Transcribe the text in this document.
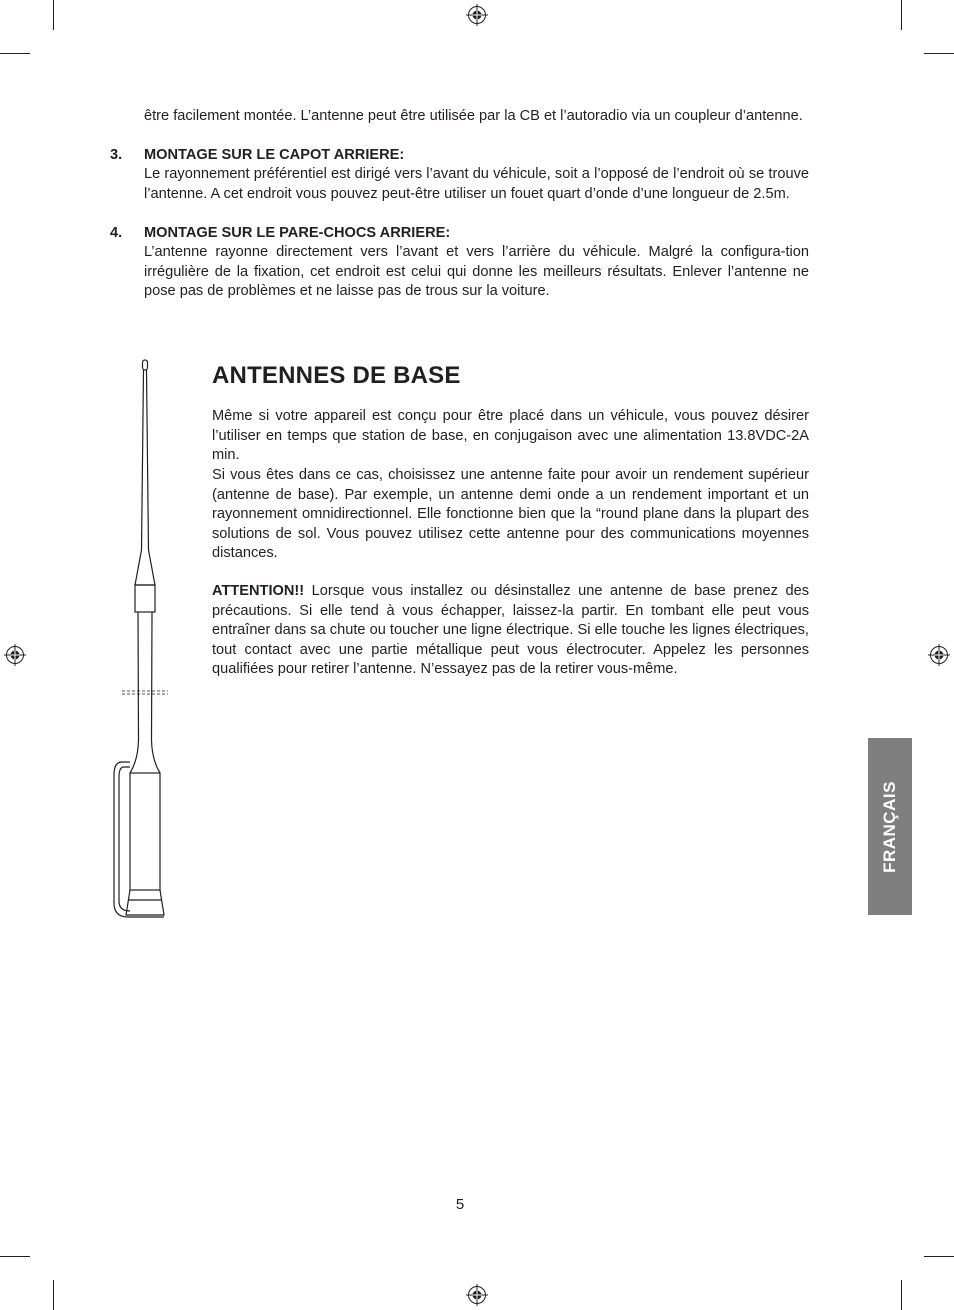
être facilement montée. L’antenne peut être utilisée par la CB et l’autoradio via un coupleur d’antenne.

3. MONTAGE SUR LE CAPOT ARRIERE:

Le rayonnement préférentiel est dirigé vers l’avant du véhicule, soit a l’opposé de l’endroit où se trouve l’antenne. A cet endroit vous pouvez peut-être utiliser un fouet quart d’onde d’une longueur de 2.5m.

4. MONTAGE SUR LE PARE-CHOCS ARRIERE:

L’antenne rayonne directement vers l’avant et vers l’arrière du véhicule. Malgré la configura-tion irrégulière de la fixation, cet endroit est celui qui donne les meilleurs résultats. Enlever l’antenne ne pose pas de problèmes et ne laisse pas de trous sur la voiture.

ANTENNES DE BASE

Même si votre appareil est conçu pour être placé dans un véhicule, vous pouvez désirer l’utiliser en temps que station de base, en conjugaison avec une alimentation 13.8VDC-2A min.

Si vous êtes dans ce cas, choisissez une antenne faite pour avoir un rendement supérieur (antenne de base). Par exemple, un antenne demi onde a un rendement important et un rayonnement omnidirectionnel. Elle fonctionne bien que la “round plane dans la plupart des solutions de sol. Vous pouvez utilisez cette antenne pour des communications moyennes distances.

ATTENTION!! Lorsque vous installez ou désinstallez une antenne de base prenez des précautions. Si elle tend à vous échapper, laissez-la partir. En tombant elle peut vous entraîner dans sa chute ou toucher une ligne électrique. Si elle touche les lignes électriques, tout contact avec une partie métallique peut vous électrocuter. Appelez les personnes qualifiées pour retirer l’antenne. N’essayez pas de la retirer vous-même.

FRANÇAIS
5
